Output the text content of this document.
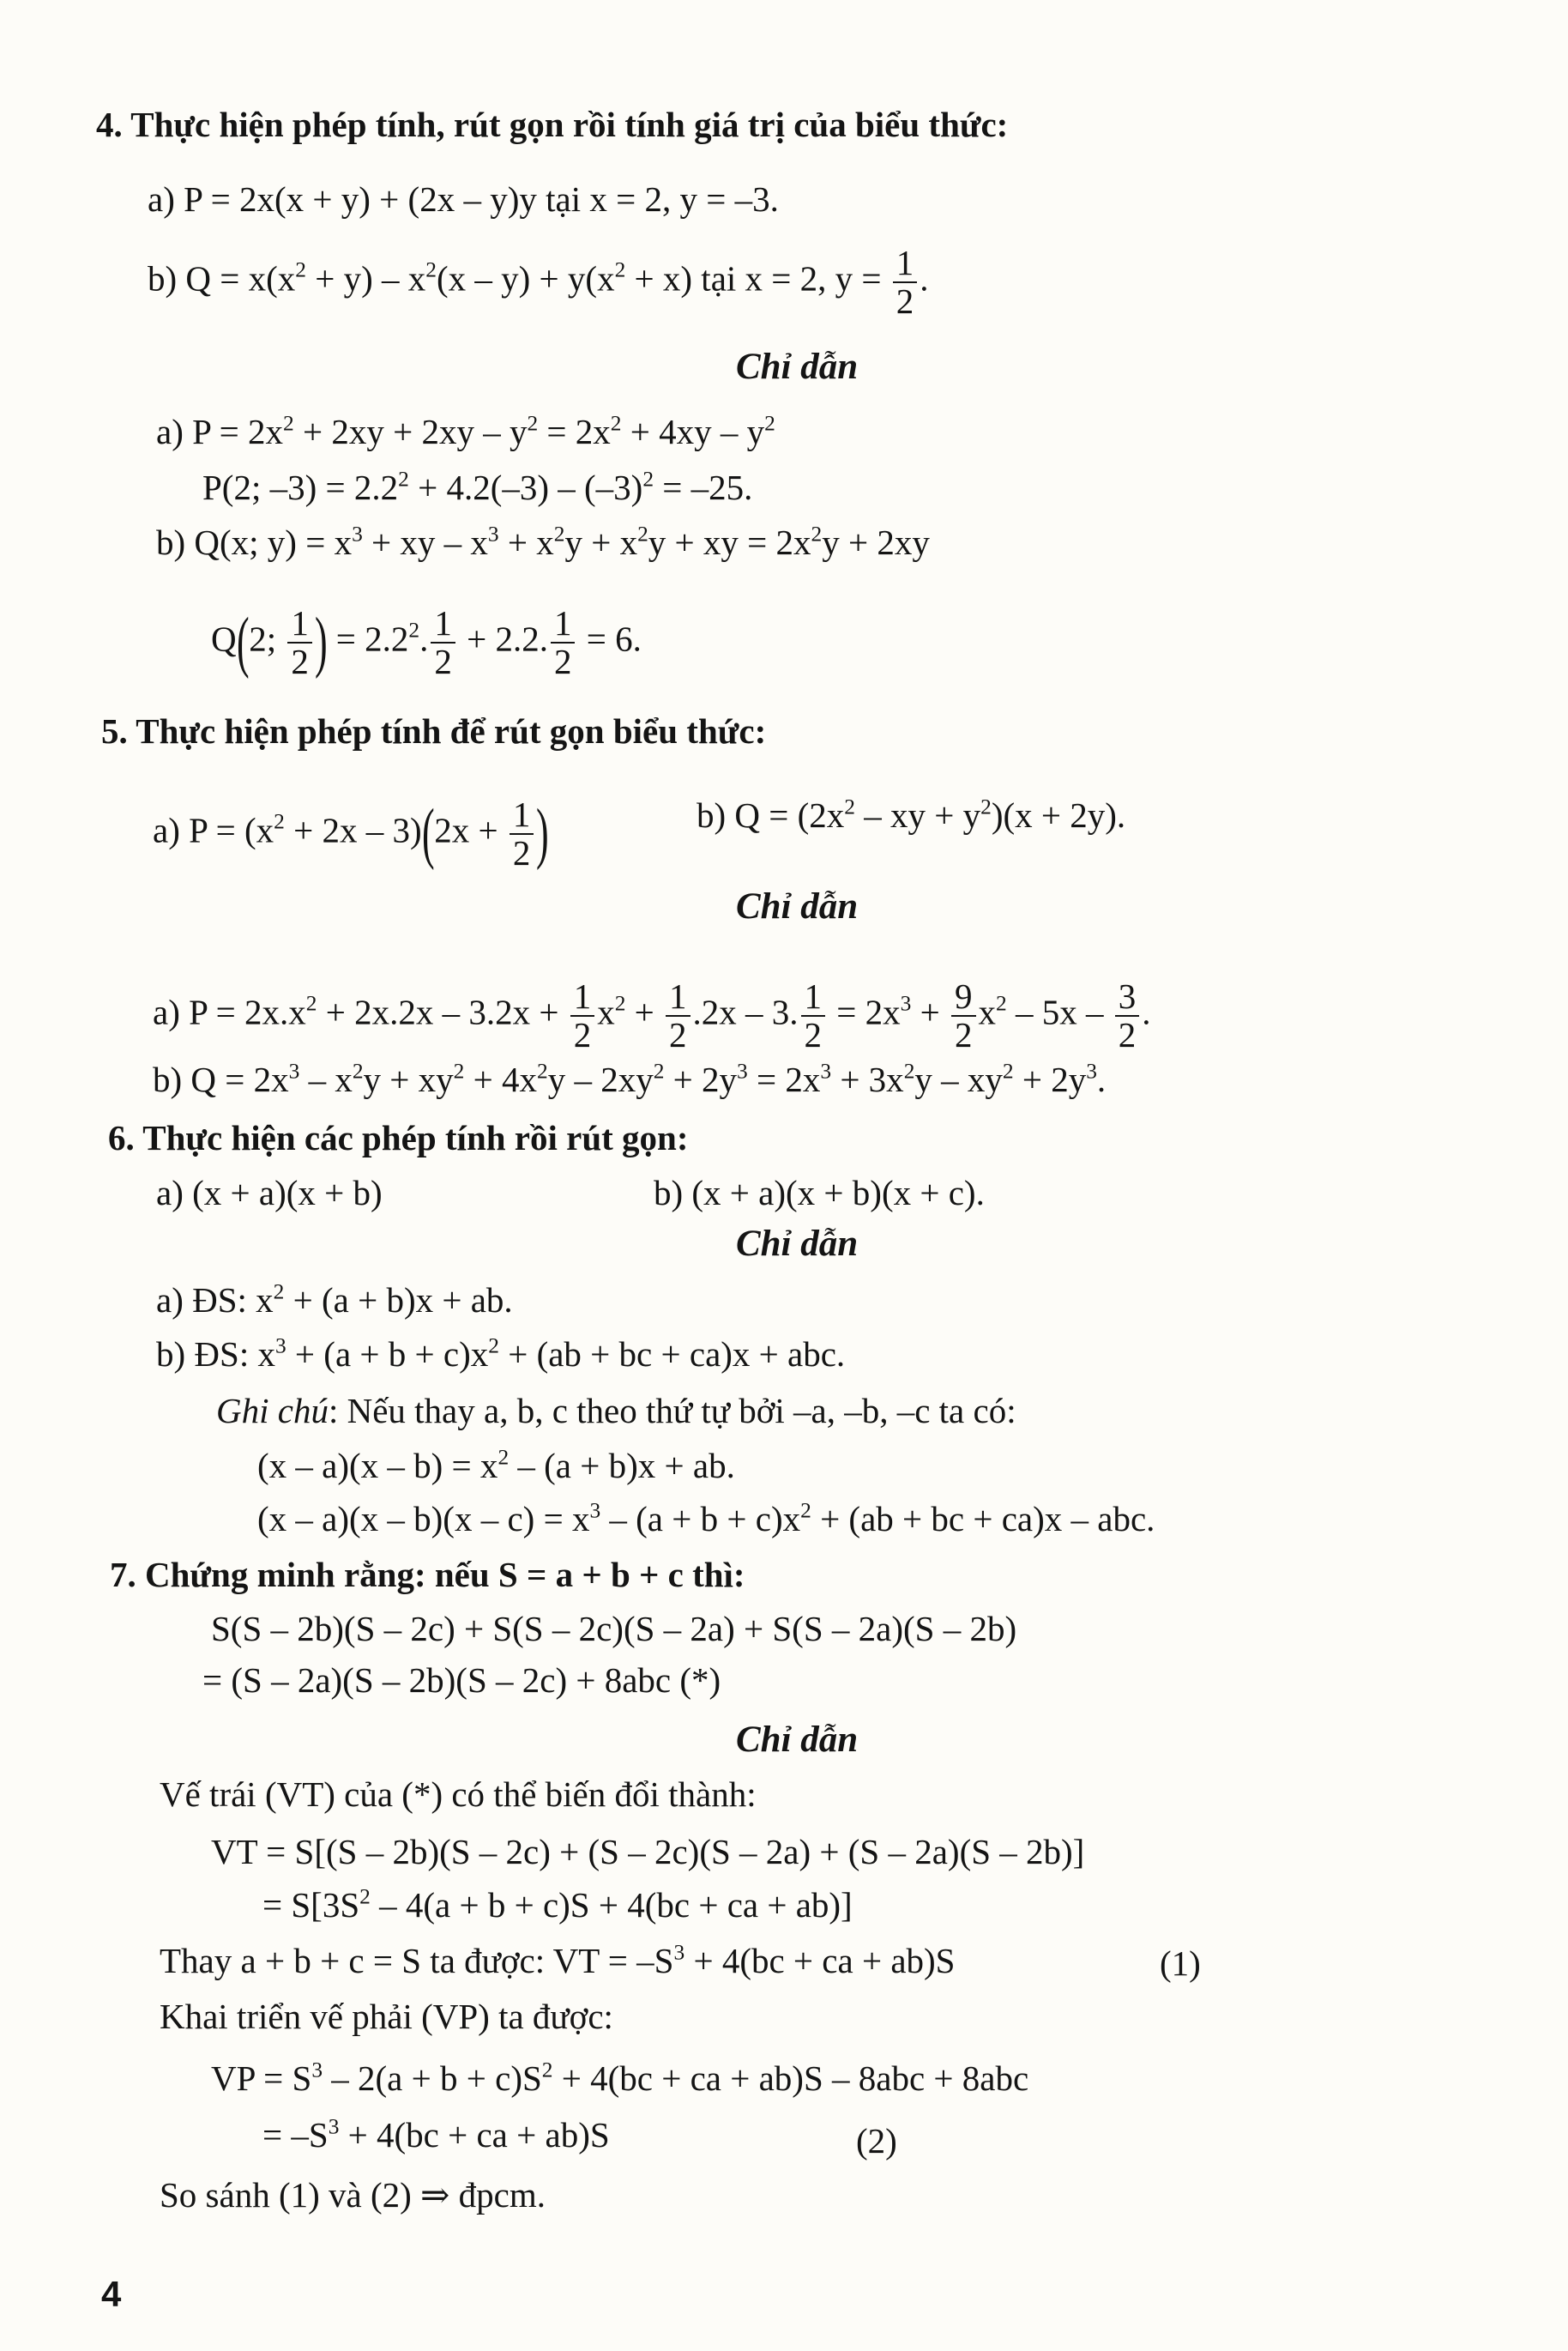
4. Thực hiện phép tính, rút gọn rồi tính giá trị của biểu thức:
a) P = 2x(x + y) + (2x – y)y tại x = 2, y = –3.
b) $Q = x(x^2 + y) - x^2(x - y) + y(x^2 + x)$ tại x = 2, $y = \frac{1}{2}$ .
Chỉ dẫn
a) $P = 2x^2 + 2xy + 2xy - y^2 = 2x^2 + 4xy - y^2$
P(2; $-3) = 2.2^2 + 4.2(-3) - (-3)^2 = -25$.
b) Q(x; $y) = x^3$ + xy – $x^3 + x^2y + x^2y$ + xy = $2x^2y + 2xy$
Q(2; $\frac{1}{2}$ ) = $2.2^2$. $\frac{1}{2} + 2.2$. $\frac{1}{2} = 6$.
5. Thực hiện phép tính để rút gọn biểu thức:
a) $P = (x^2 + 2x - 3)(2x + \frac{1}{2}$ )	b) $Q = (2x^2$ – xy + $y^2)(x + 2y)$.
Chỉ dẫn
a) $P = 2x.x^2 + 2x.2x - 3.2x + \frac{1}{2} x^2 + \frac{1}{2} .2x - 3$. $\frac{1}{2} = 2x^3 + \frac{9}{2} x^2 - 5x - \frac{3}{2}$ .
b) $Q = 2x^3 - x^2y + xy^2 + 4x^2y - 2xy^2 + 2y^3 = 2x^3 + 3x^2y - xy^2 + 2y^3$.
6. Thực hiện các phép tính rồi rút gọn:
a) (x + a)(x + b)	b) (x + a)(x + b)(x + c).
Chỉ dẫn
a) ĐS: $x^2 + (a + b)x$ + ab.
b) ĐS: $x^3 + (a + b + c)x^2 + (ab$ + bc + ca)x + abc.
Ghi chú: Nếu thay a, b, c theo thứ tự bởi –a, –b, –c ta có:
$(x - a)(x - b) = x^2 - (a + b)x$ + ab.
$(x - a)(x - b)(x - c) = x^3 - (a + b + c)x^2 + (ab$ + bc + ca)x – abc.
7. Chứng minh rằng: nếu S = a + b + c thì:
S(S – 2b)(S – 2c) + S(S – 2c)(S – 2a) + S(S – 2a)(S – 2b)
= (S – 2a)(S – 2b)(S – 2c) + 8abc (*)
Chỉ dẫn
Vế trái (VT) của (*) có thể biến đổi thành:
VT = S[(S – 2b)(S – 2c) + (S – 2c)(S – 2a) + (S – 2a)(S – 2b)]
= $S[3S^2 - 4(a + b + c)S + 4(bc$ + ca + ab)]
Thay a + b + c = S ta được: VT = $-S^3 + 4(bc$ + ca + ab)S	(1)
Khai triển vế phải (VP) ta được:
VP = $S^3 - 2(a + b + c)S^2 + 4(bc$ + ca + ab)S – 8abc + 8abc
= $-S^3 + 4(bc$ + ca + ab)S	(2)
So sánh (1) và (2) ⇒ đpcm.
4
